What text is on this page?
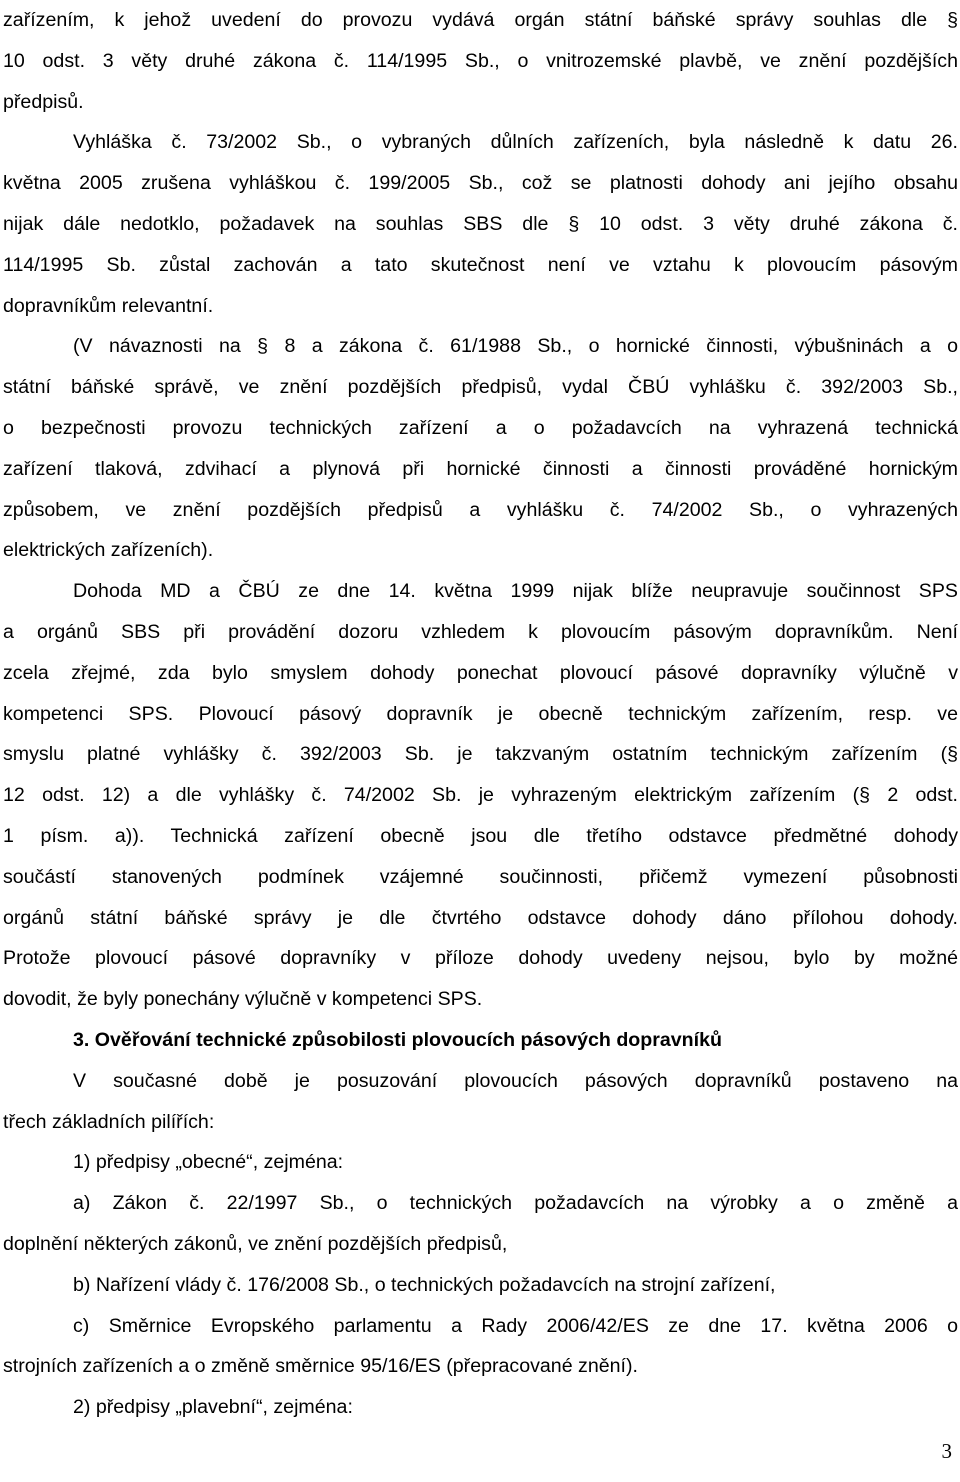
zařízením, k jehož uvedení do provozu vydává orgán státní báňské správy souhlas dle §
10 odst. 3 věty druhé zákona č. 114/1995 Sb., o vnitrozemské plavbě, ve znění pozdějších
předpisů.
Vyhláška č. 73/2002 Sb., o vybraných důlních zařízeních, byla následně k datu 26.
května 2005 zrušena vyhláškou č. 199/2005 Sb., což se platnosti dohody ani jejího obsahu
nijak dále nedotklo, požadavek na souhlas SBS dle § 10 odst. 3 věty druhé zákona č.
114/1995 Sb. zůstal zachován a tato skutečnost není ve vztahu k plovoucím pásovým
dopravníkům relevantní.
(V návaznosti na § 8 a zákona č. 61/1988 Sb., o hornické činnosti, výbušninách a o
státní báňské správě, ve znění pozdějších předpisů, vydal ČBÚ vyhlášku č. 392/2003 Sb.,
o bezpečnosti provozu technických zařízení a o požadavcích na vyhrazená technická
zařízení tlaková, zdvihací a plynová při hornické činnosti a činnosti prováděné hornickým
způsobem, ve znění pozdějších předpisů a vyhlášku č. 74/2002 Sb., o vyhrazených
elektrických zařízeních).
Dohoda MD a ČBÚ ze dne 14. května 1999 nijak blíže neupravuje součinnost SPS
a orgánů SBS při provádění dozoru vzhledem k plovoucím pásovým dopravníkům. Není
zcela zřejmé, zda bylo smyslem dohody ponechat plovoucí pásové dopravníky výlučně v
kompetenci SPS. Plovoucí pásový dopravník je obecně technickým zařízením, resp. ve
smyslu platné vyhlášky č. 392/2003 Sb. je takzvaným ostatním technickým zařízením (§
12 odst. 12) a dle vyhlášky č. 74/2002 Sb. je vyhrazeným elektrickým zařízením (§ 2 odst.
1 písm. a)). Technická zařízení obecně jsou dle třetího odstavce předmětné dohody
součástí stanovených podmínek vzájemné součinnosti, přičemž vymezení působnosti
orgánů státní báňské správy je dle čtvrtého odstavce dohody dáno přílohou dohody.
Protože plovoucí pásové dopravníky v příloze dohody uvedeny nejsou, bylo by možné
dovodit, že byly ponechány výlučně v kompetenci SPS.
3. Ověřování technické způsobilosti plovoucích pásových dopravníků
V současné době je posuzování plovoucích pásových dopravníků postaveno na
třech základních pilířích:
1) předpisy „obecné“, zejména:
a) Zákon č. 22/1997 Sb., o technických požadavcích na výrobky a o změně a
doplnění některých zákonů, ve znění pozdějších předpisů,
b) Nařízení vlády č. 176/2008 Sb., o technických požadavcích na strojní zařízení,
c) Směrnice Evropského parlamentu a Rady 2006/42/ES ze dne 17. května 2006 o
strojních zařízeních a o změně směrnice 95/16/ES (přepracované znění).
2) předpisy „plavební“, zejména:
3
